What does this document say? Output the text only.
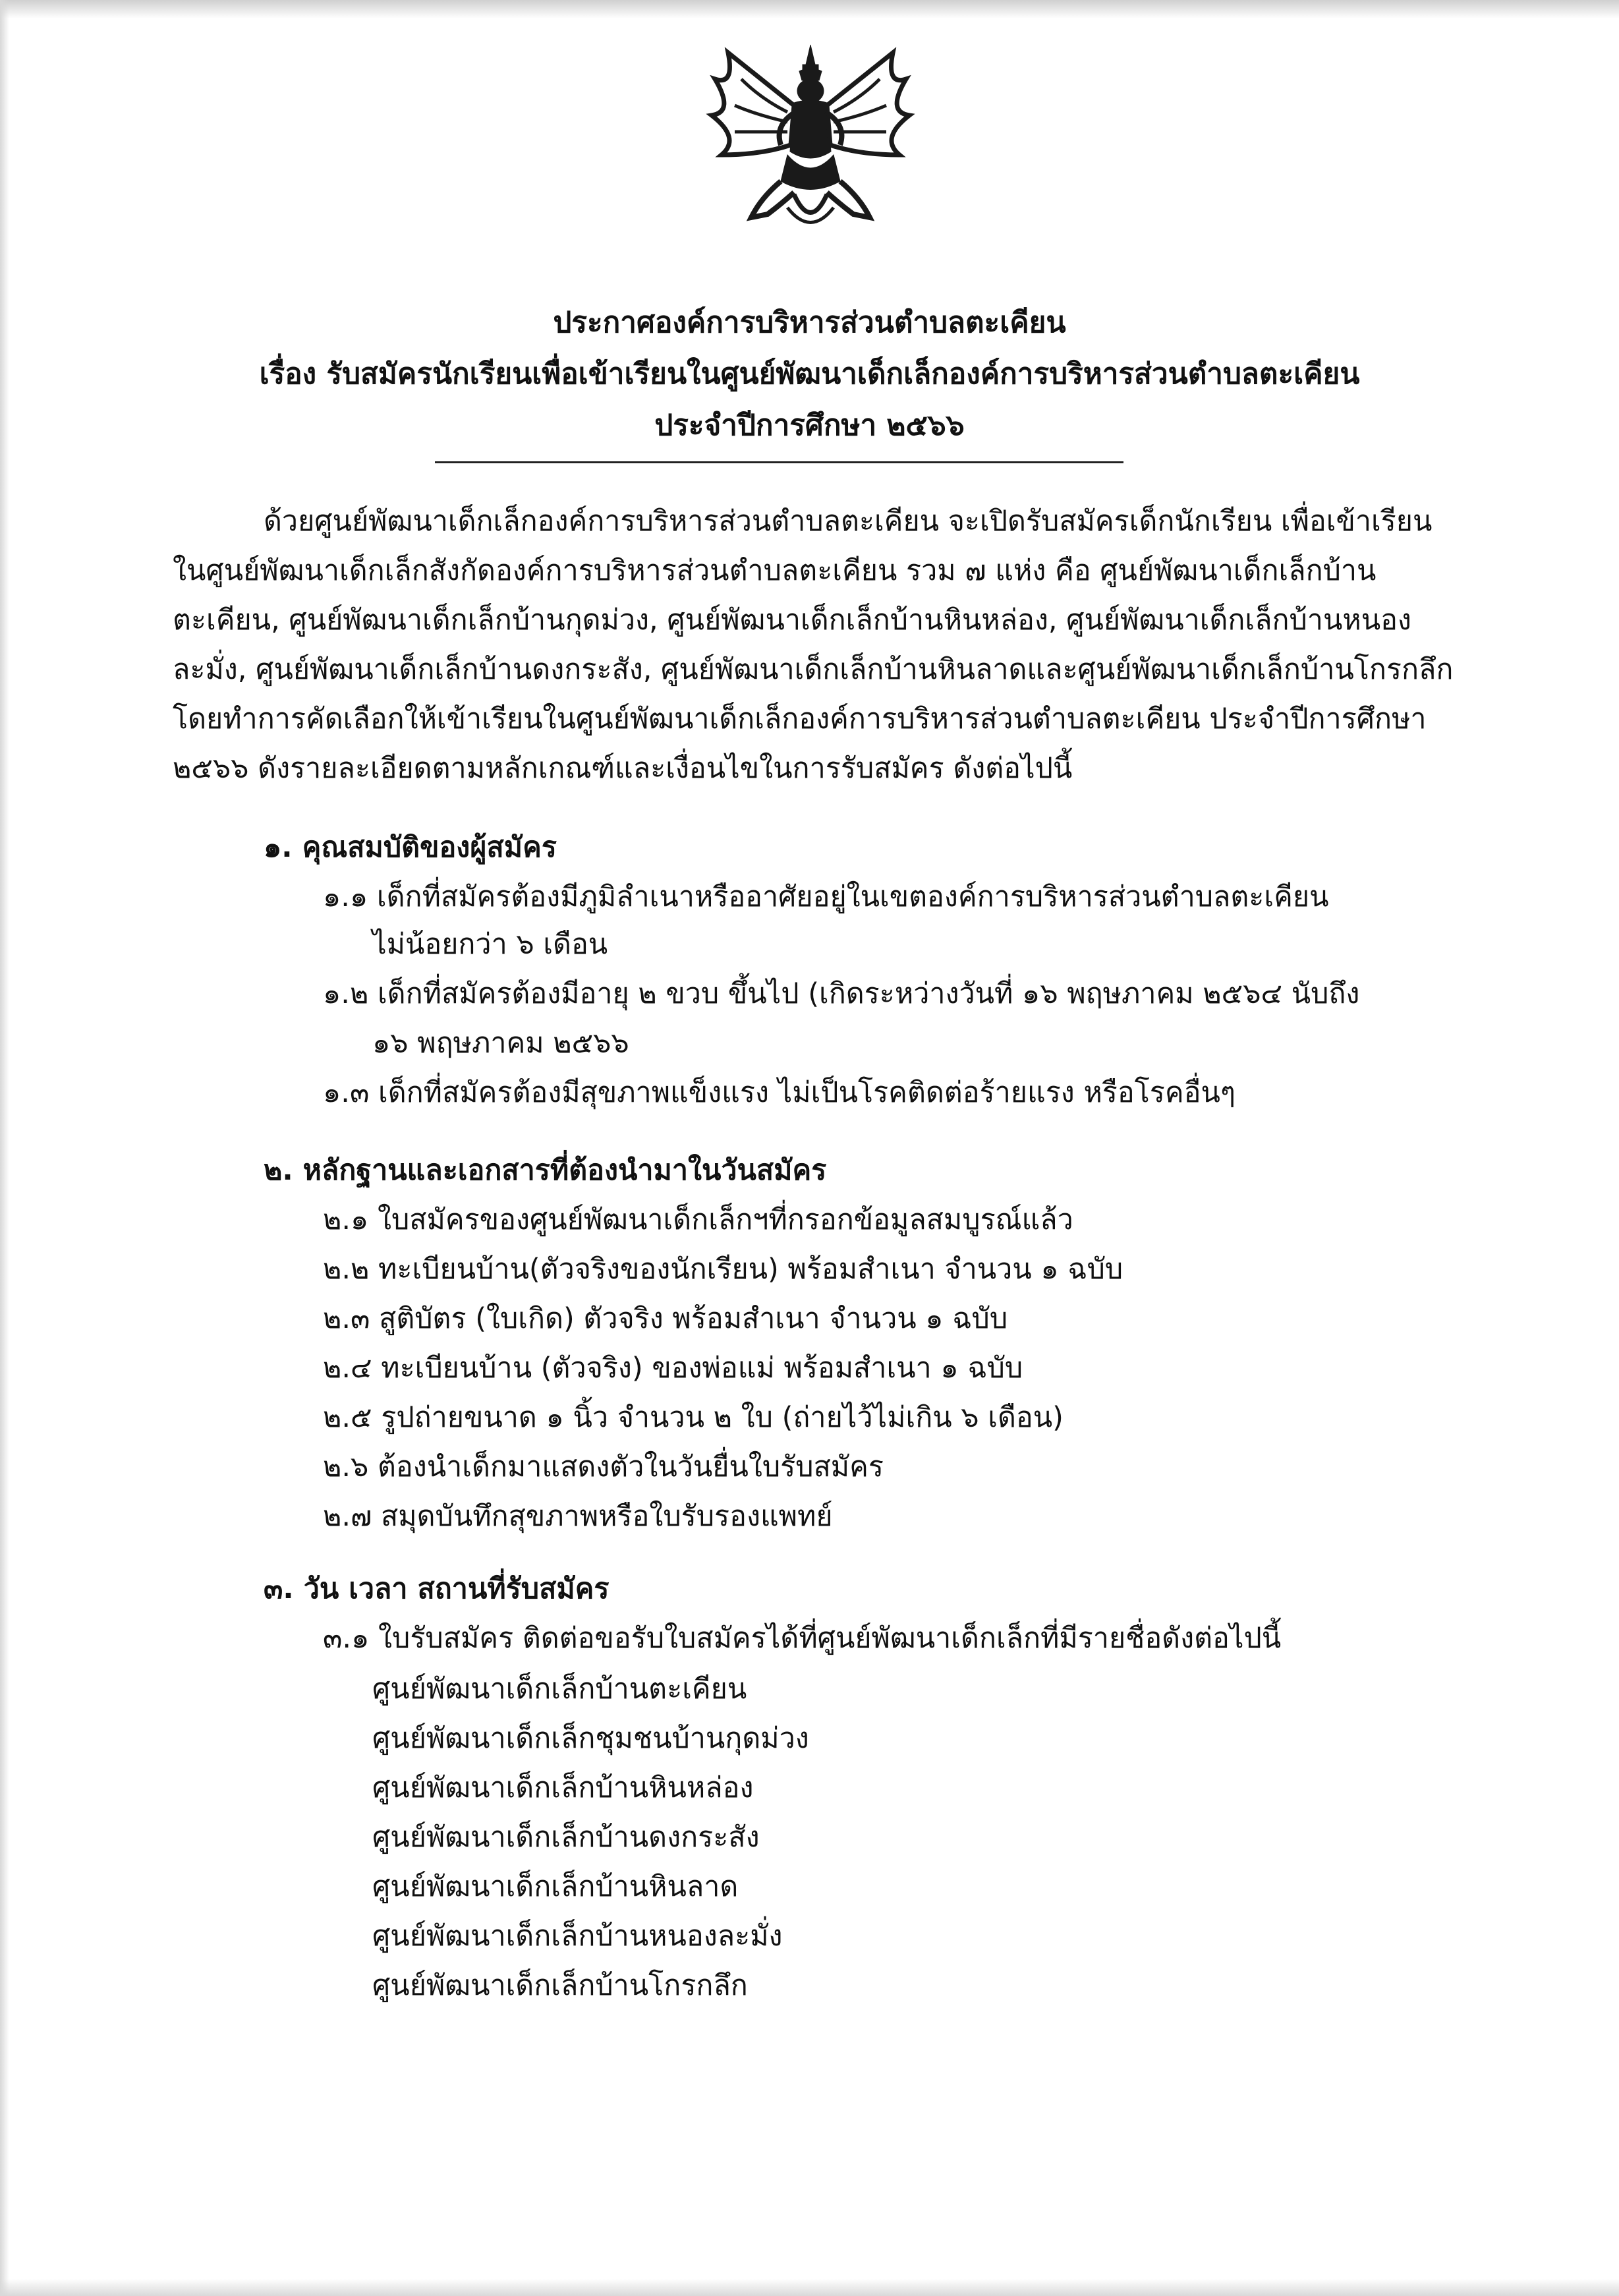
ประกาศองค์การบริหารส่วนตำบลตะเคียน
เรื่อง รับสมัครนักเรียนเพื่อเข้าเรียนในศูนย์พัฒนาเด็กเล็กองค์การบริหารส่วนตำบลตะเคียน
ประจำปีการศึกษา ๒๕๖๖
ด้วยศูนย์พัฒนาเด็กเล็กองค์การบริหารส่วนตำบลตะเคียน จะเปิดรับสมัครเด็กนักเรียน เพื่อเข้าเรียน
ในศูนย์พัฒนาเด็กเล็กสังกัดองค์การบริหารส่วนตำบลตะเคียน รวม ๗ แห่ง คือ ศูนย์พัฒนาเด็กเล็กบ้าน
ตะเคียน, ศูนย์พัฒนาเด็กเล็กบ้านกุดม่วง, ศูนย์พัฒนาเด็กเล็กบ้านหินหล่อง, ศูนย์พัฒนาเด็กเล็กบ้านหนอง
ละมั่ง, ศูนย์พัฒนาเด็กเล็กบ้านดงกระสัง, ศูนย์พัฒนาเด็กเล็กบ้านหินลาดและศูนย์พัฒนาเด็กเล็กบ้านโกรกลึก
โดยทำการคัดเลือกให้เข้าเรียนในศูนย์พัฒนาเด็กเล็กองค์การบริหารส่วนตำบลตะเคียน ประจำปีการศึกษา
๒๕๖๖ ดังรายละเอียดตามหลักเกณฑ์และเงื่อนไขในการรับสมัคร ดังต่อไปนี้
๑. คุณสมบัติของผู้สมัคร
๑.๑ เด็กที่สมัครต้องมีภูมิลำเนาหรืออาศัยอยู่ในเขตองค์การบริหารส่วนตำบลตะเคียน
ไม่น้อยกว่า ๖ เดือน
๑.๒ เด็กที่สมัครต้องมีอายุ ๒ ขวบ ขึ้นไป (เกิดระหว่างวันที่ ๑๖ พฤษภาคม ๒๕๖๔ นับถึง
๑๖ พฤษภาคม ๒๕๖๖
๑.๓ เด็กที่สมัครต้องมีสุขภาพแข็งแรง ไม่เป็นโรคติดต่อร้ายแรง หรือโรคอื่นๆ
๒. หลักฐานและเอกสารที่ต้องนำมาในวันสมัคร
๒.๑ ใบสมัครของศูนย์พัฒนาเด็กเล็กฯที่กรอกข้อมูลสมบูรณ์แล้ว
๒.๒ ทะเบียนบ้าน(ตัวจริงของนักเรียน) พร้อมสำเนา จำนวน ๑ ฉบับ
๒.๓ สูติบัตร (ใบเกิด) ตัวจริง พร้อมสำเนา จำนวน ๑ ฉบับ
๒.๔ ทะเบียนบ้าน (ตัวจริง) ของพ่อแม่ พร้อมสำเนา ๑ ฉบับ
๒.๕ รูปถ่ายขนาด ๑ นิ้ว จำนวน ๒ ใบ (ถ่ายไว้ไม่เกิน ๖ เดือน)
๒.๖ ต้องนำเด็กมาแสดงตัวในวันยื่นใบรับสมัคร
๒.๗ สมุดบันทึกสุขภาพหรือใบรับรองแพทย์
๓. วัน เวลา สถานที่รับสมัคร
๓.๑ ใบรับสมัคร ติดต่อขอรับใบสมัครได้ที่ศูนย์พัฒนาเด็กเล็กที่มีรายชื่อดังต่อไปนี้
ศูนย์พัฒนาเด็กเล็กบ้านตะเคียน
ศูนย์พัฒนาเด็กเล็กชุมชนบ้านกุดม่วง
ศูนย์พัฒนาเด็กเล็กบ้านหินหล่อง
ศูนย์พัฒนาเด็กเล็กบ้านดงกระสัง
ศูนย์พัฒนาเด็กเล็กบ้านหินลาด
ศูนย์พัฒนาเด็กเล็กบ้านหนองละมั่ง
ศูนย์พัฒนาเด็กเล็กบ้านโกรกลึก
